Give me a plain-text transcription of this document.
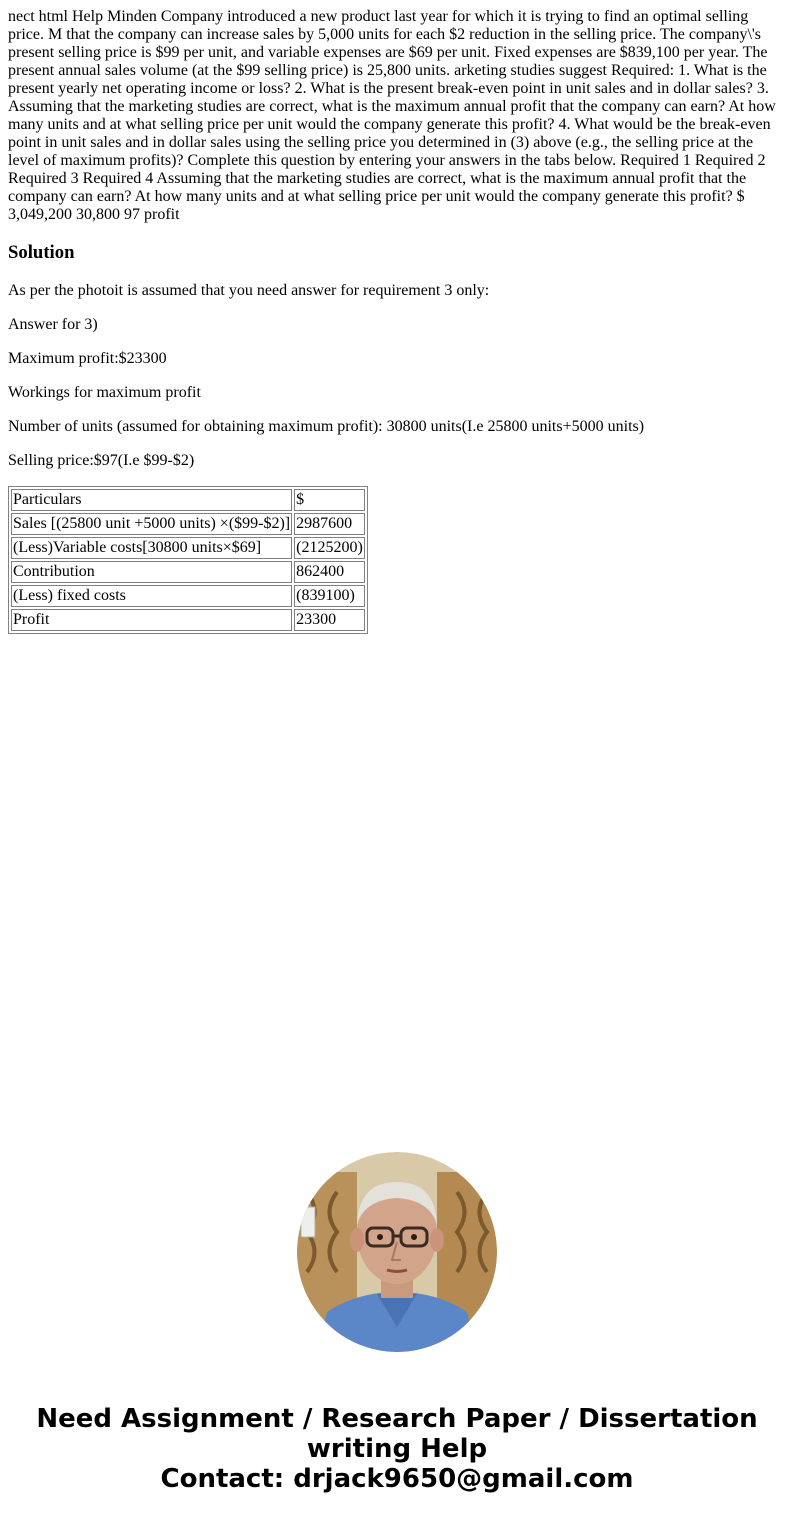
nect html Help Minden Company introduced a new product last year for which it is trying to find an optimal selling price. M that the company can increase sales by 5,000 units for each $2 reduction in the selling price. The company\'s present selling price is $99 per unit, and variable expenses are $69 per unit. Fixed expenses are $839,100 per year. The present annual sales volume (at the $99 selling price) is 25,800 units. arketing studies suggest Required: 1. What is the present yearly net operating income or loss? 2. What is the present break-even point in unit sales and in dollar sales? 3. Assuming that the marketing studies are correct, what is the maximum annual profit that the company can earn? At how many units and at what selling price per unit would the company generate this profit? 4. What would be the break-even point in unit sales and in dollar sales using the selling price you determined in (3) above (e.g., the selling price at the level of maximum profits)? Complete this question by entering your answers in the tabs below. Required 1 Required 2 Required 3 Required 4 Assuming that the marketing studies are correct, what is the maximum annual profit that the company can earn? At how many units and at what selling price per unit would the company generate this profit? $ 3,049,200 30,800 97 profit
Solution

As per the photoit is assumed that you need answer for requirement 3 only:

Answer for 3)

Maximum profit:$23300

Workings for maximum profit

Number of units (assumed for obtaining maximum profit): 30800 units(I.e 25800 units+5000 units)

Selling price:$97(I.e $99-$2)

Particulars	$
Sales [(25800 unit +5000 units) ×($99-$2)]	2987600
(Less)Variable costs[30800 units×$69]	(2125200)
Contribution	862400
(Less) fixed costs	(839100)
Profit	23300
Need Assignment / Research Paper / Dissertation
writing Help
Contact: drjack9650@gmail.com
